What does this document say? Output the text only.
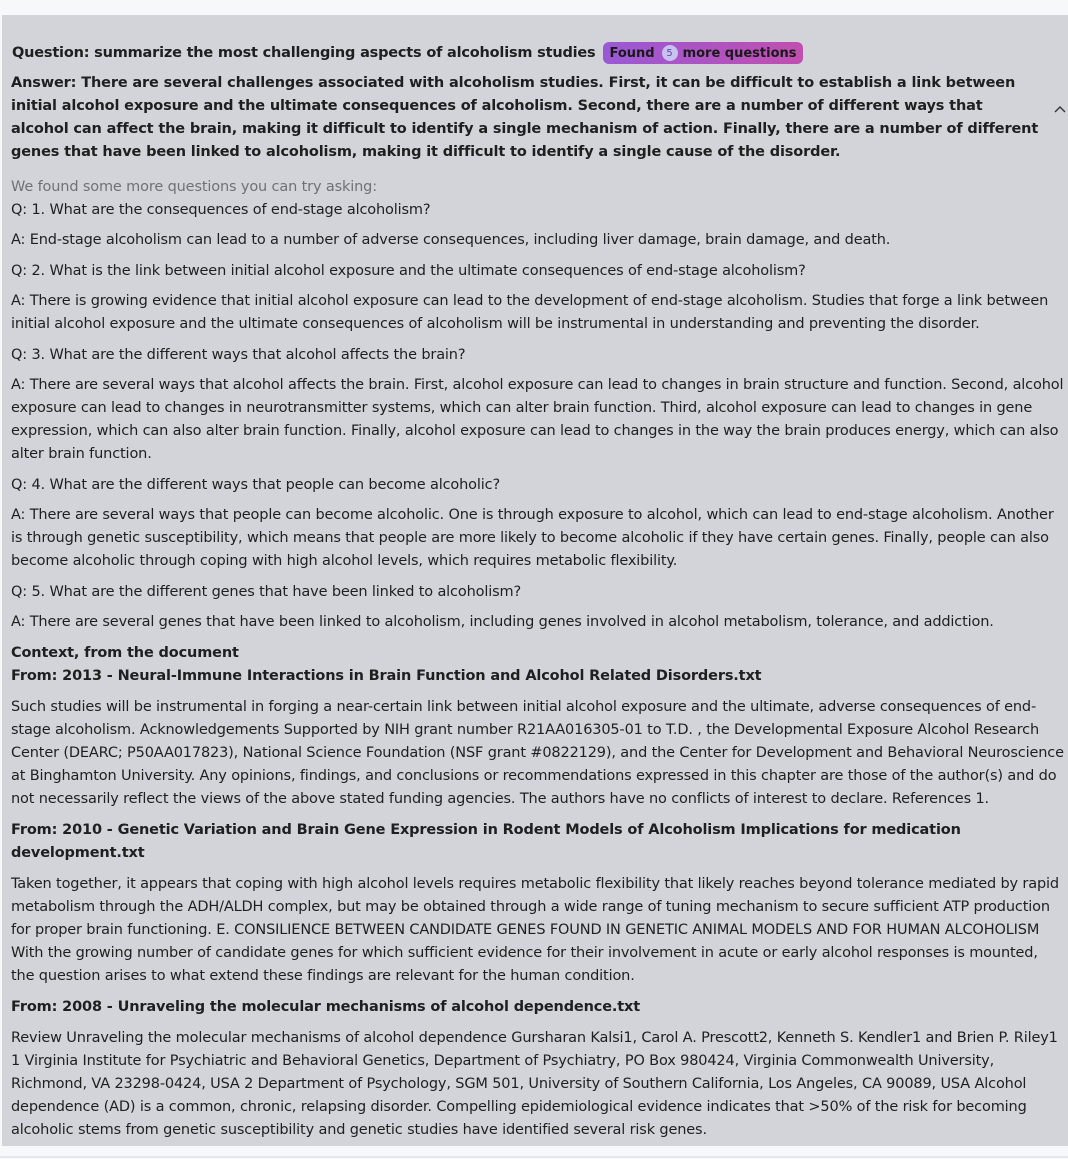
Question: summarize the most challenging aspects of alcoholism studies Found	5 more questions
Answer: There are several challenges associated with alcoholism studies. First, it can be difficult to establish a link between initial alcohol exposure and the ultimate consequences of alcoholism. Second, there are a number of different ways that alcohol can affect the brain, making it difficult to identify a single mechanism of action. Finally, there are a number of different genes that have been linked to alcoholism, making it difficult to identify a single cause of the disorder.
We found some more questions you can try asking:
Q: 1. What are the consequences of end-stage alcoholism?
A: End-stage alcoholism can lead to a number of adverse consequences, including liver damage, brain damage, and death.
Q: 2. What is the link between initial alcohol exposure and the ultimate consequences of end-stage alcoholism?
A: There is growing evidence that initial alcohol exposure can lead to the development of end-stage alcoholism. Studies that forge a link between initial alcohol exposure and the ultimate consequences of alcoholism will be instrumental in understanding and preventing the disorder.
Q: 3. What are the different ways that alcohol affects the brain?
A: There are several ways that alcohol affects the brain. First, alcohol exposure can lead to changes in brain structure and function. Second, alcohol exposure can lead to changes in neurotransmitter systems, which can alter brain function. Third, alcohol exposure can lead to changes in gene expression, which can also alter brain function. Finally, alcohol exposure can lead to changes in the way the brain produces energy, which can also alter brain function.
Q: 4. What are the different ways that people can become alcoholic?
A: There are several ways that people can become alcoholic. One is through exposure to alcohol, which can lead to end-stage alcoholism. Another is through genetic susceptibility, which means that people are more likely to become alcoholic if they have certain genes. Finally, people can also become alcoholic through coping with high alcohol levels, which requires metabolic flexibility.
Q: 5. What are the different genes that have been linked to alcoholism?
A: There are several genes that have been linked to alcoholism, including genes involved in alcohol metabolism, tolerance, and addiction.
Context, from the document
From: 2013 - Neural-Immune Interactions in Brain Function and Alcohol Related Disorders.txt
Such studies will be instrumental in forging a near-certain link between initial alcohol exposure and the ultimate, adverse consequences of end-stage alcoholism. Acknowledgements Supported by NIH grant number R21AA016305-01 to T.D. , the Developmental Exposure Alcohol Research Center (DEARC; P50AA017823), National Science Foundation (NSF grant #0822129), and the Center for Development and Behavioral Neuroscience at Binghamton University. Any opinions, findings, and conclusions or recommendations expressed in this chapter are those of the author(s) and do not necessarily reflect the views of the above stated funding agencies. The authors have no conflicts of interest to declare. References 1.
From: 2010 - Genetic Variation and Brain Gene Expression in Rodent Models of Alcoholism Implications for medication development.txt
Taken together, it appears that coping with high alcohol levels requires metabolic flexibility that likely reaches beyond tolerance mediated by rapid metabolism through the ADH/ALDH complex, but may be obtained through a wide range of tuning mechanism to secure sufficient ATP production for proper brain functioning. E. CONSILIENCE BETWEEN CANDIDATE GENES FOUND IN GENETIC ANIMAL MODELS AND FOR HUMAN ALCOHOLISM With the growing number of candidate genes for which sufficient evidence for their involvement in acute or early alcohol responses is mounted, the question arises to what extend these findings are relevant for the human condition.
From: 2008 - Unraveling the molecular mechanisms of alcohol dependence.txt
Review Unraveling the molecular mechanisms of alcohol dependence Gursharan Kalsi1, Carol A. Prescott2, Kenneth S. Kendler1 and Brien P. Riley1 1 Virginia Institute for Psychiatric and Behavioral Genetics, Department of Psychiatry, PO Box 980424, Virginia Commonwealth University, Richmond, VA 23298-0424, USA 2 Department of Psychology, SGM 501, University of Southern California, Los Angeles, CA 90089, USA Alcohol dependence (AD) is a common, chronic, relapsing disorder. Compelling epidemiological evidence indicates that >50% of the risk for becoming alcoholic stems from genetic susceptibility and genetic studies have identified several risk genes.
